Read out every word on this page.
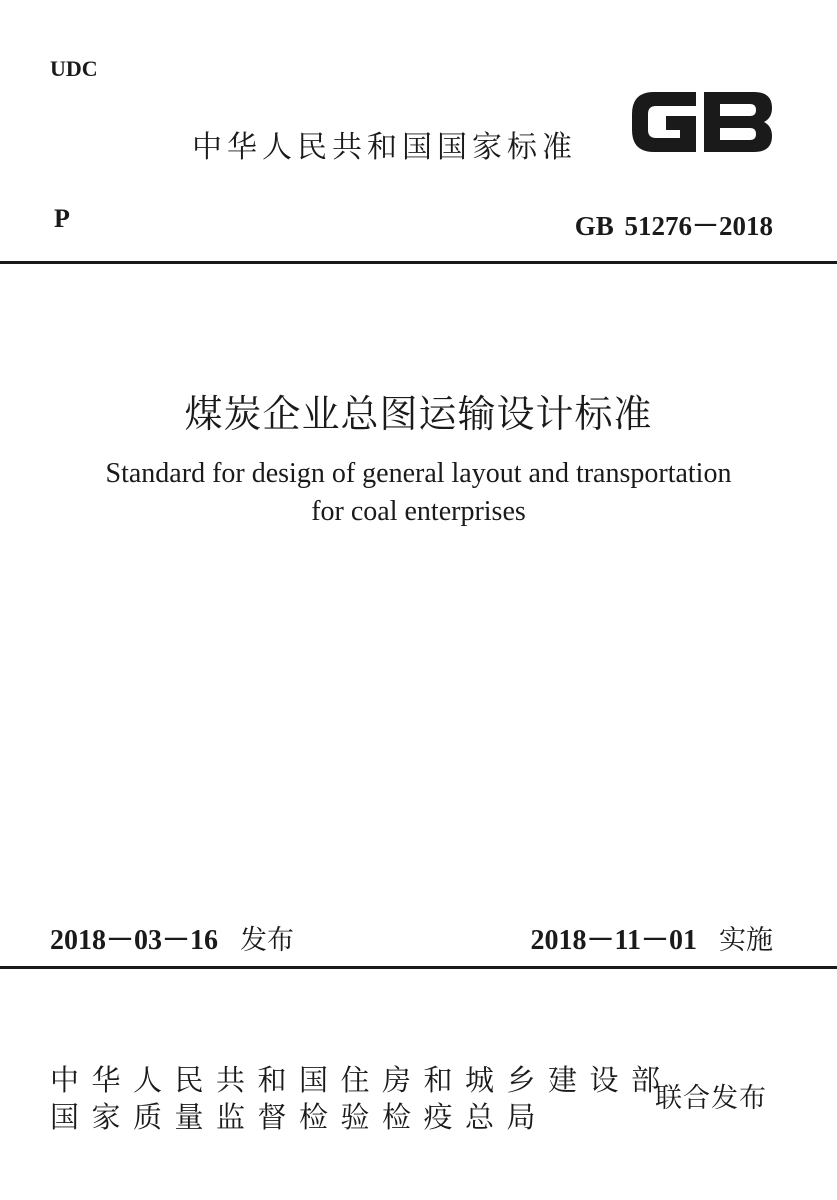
UDC
中华人民共和国国家标准
P	GB 51276－2018
煤炭企业总图运输设计标准
Standard for design of general layout and transportation
for coal enterprises
2018－03－16 发布	2018－11－01 实施
中华人民共和国住房和城乡建设部
国家质量监督检验检疫总局
联合发布
